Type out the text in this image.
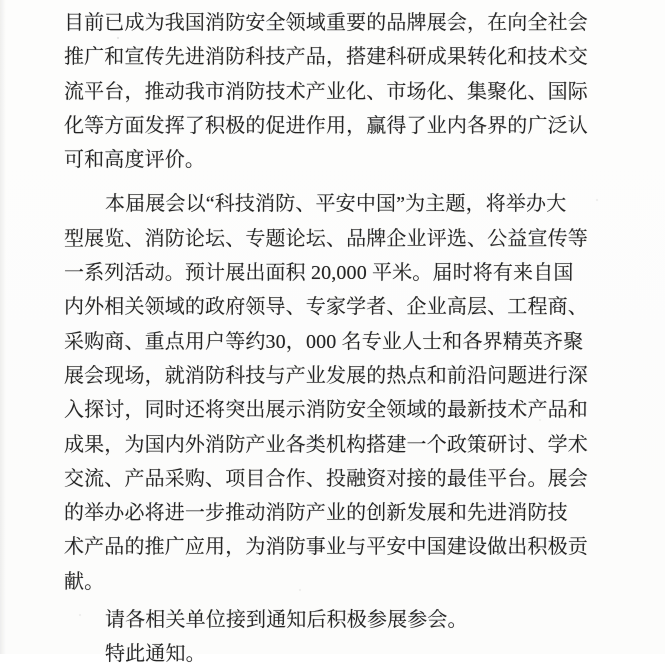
目前已成为我国消防安全领域重要的品牌展会，在向全社会
推广和宣传先进消防科技产品，搭建科研成果转化和技术交
流平台，推动我市消防技术产业化、市场化、集聚化、国际
化等方面发挥了积极的促进作用，赢得了业内各界的广泛认
可和高度评价。
本届展会以“科技消防、平安中国”为主题，将举办大
型展览、消防论坛、专题论坛、品牌企业评选、公益宣传等
一系列活动。预计展出面积 20,000 平米。届时将有来自国
内外相关领域的政府领导、专家学者、企业高层、工程商、
采购商、重点用户等约30，000 名专业人士和各界精英齐聚
展会现场，就消防科技与产业发展的热点和前沿问题进行深
入探讨，同时还将突出展示消防安全领域的最新技术产品和
成果，为国内外消防产业各类机构搭建一个政策研讨、学术
交流、产品采购、项目合作、投融资对接的最佳平台。展会
的举办必将进一步推动消防产业的创新发展和先进消防技
术产品的推广应用，为消防事业与平安中国建设做出积极贡
献。
请各相关单位接到通知后积极参展参会。
特此通知。
